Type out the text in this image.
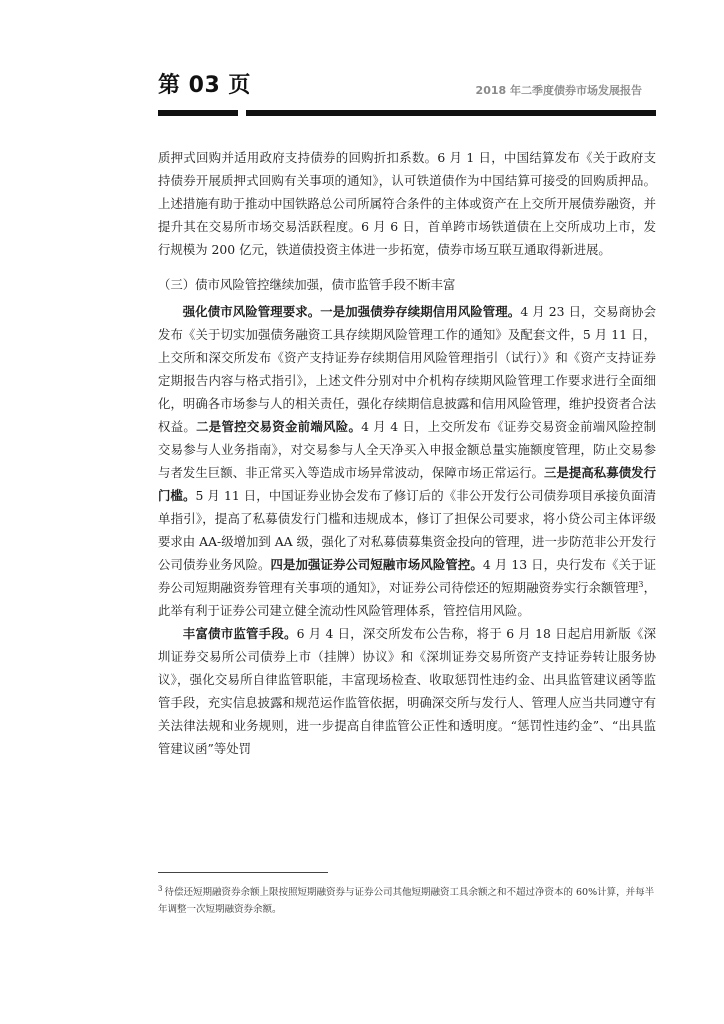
第 03 页	2018 年二季度债券市场发展报告

质押式回购并适用政府支持债券的回购折扣系数。6 月 1 日，中国结算发布《关于政府支持债券开展质押式回购有关事项的通知》，认可铁道债作为中国结算可接受的回购质押品。上述措施有助于推动中国铁路总公司所属符合条件的主体或资产在上交所开展债券融资，并提升其在交易所市场交易活跃程度。6 月 6 日，首单跨市场铁道债在上交所成功上市，发行规模为 200 亿元，铁道债投资主体进一步拓宽，债券市场互联互通取得新进展。

（三）债市风险管控继续加强，债市监管手段不断丰富

强化债市风险管理要求。一是加强债券存续期信用风险管理。4 月 23 日，交易商协会发布《关于切实加强债务融资工具存续期风险管理工作的通知》及配套文件，5 月 11 日，上交所和深交所发布《资产支持证券存续期信用风险管理指引（试行）》和《资产支持证券定期报告内容与格式指引》，上述文件分别对中介机构存续期风险管理工作要求进行全面细化，明确各市场参与人的相关责任，强化存续期信息披露和信用风险管理，维护投资者合法权益。二是管控交易资金前端风险。4 月 4 日，上交所发布《证券交易资金前端风险控制交易参与人业务指南》，对交易参与人全天净买入申报金额总量实施额度管理，防止交易参与者发生巨额、非正常买入等造成市场异常波动，保障市场正常运行。三是提高私募债发行门槛。5 月 11 日，中国证券业协会发布了修订后的《非公开发行公司债券项目承接负面清单指引》，提高了私募债发行门槛和违规成本，修订了担保公司要求，将小贷公司主体评级要求由 AA-级增加到 AA 级，强化了对私募债募集资金投向的管理，进一步防范非公开发行公司债券业务风险。四是加强证券公司短融市场风险管控。4 月 13 日，央行发布《关于证券公司短期融资券管理有关事项的通知》，对证券公司待偿还的短期融资券实行余额管理$^3$，此举有利于证券公司建立健全流动性风险管理体系，管控信用风险。

丰富债市监管手段。6 月 4 日，深交所发布公告称，将于 6 月 18 日起启用新版《深圳证券交易所公司债券上市（挂牌）协议》和《深圳证券交易所资产支持证券转让服务协议》，强化交易所自律监管职能，丰富现场检查、收取惩罚性违约金、出具监管建议函等监管手段，充实信息披露和规范运作监管依据，明确深交所与发行人、管理人应当共同遵守有关法律法规和业务规则，进一步提高自律监管公正性和透明度。“惩罚性违约金”、“出具监管建议函”等处罚

$^3$ 待偿还短期融资券余额上限按照短期融资券与证券公司其他短期融资工具余额之和不超过净资本的 60%计算，并每半年调整一次短期融资券余额。
